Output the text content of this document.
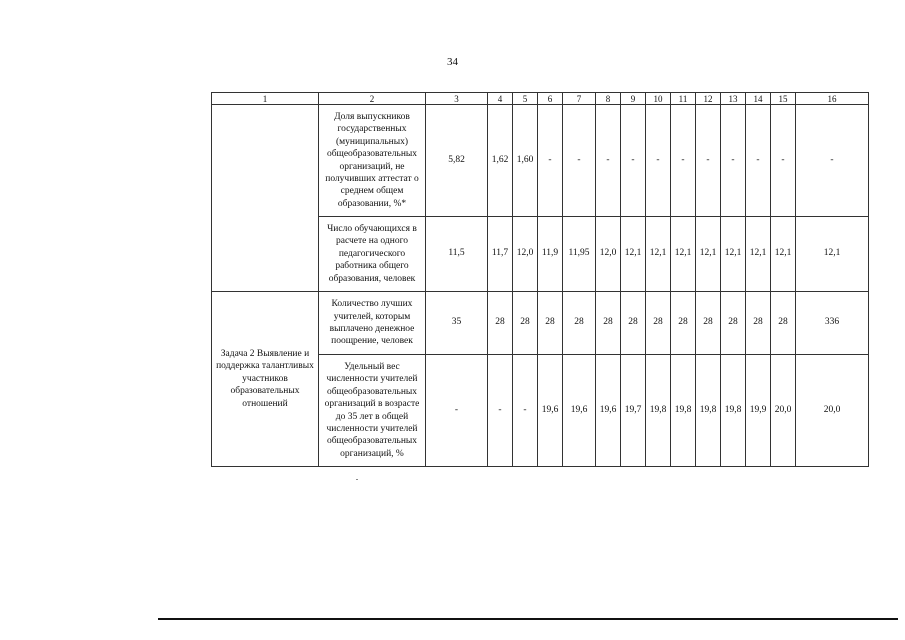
34
1	2	3	4	5	6	7	8	9	10	11	12	13	14	15	16
	Доля выпускников государственных (муниципальных) общеобразовательных организаций, не получивших аттестат о среднем общем образовании, %*	5,82	1,62	1,60	-	-	-	-	-	-	-	-	-	-	-
	Число обучающихся в расчете на одного педагогического работника общего образования, человек	11,5	11,7	12,0	11,9	11,95	12,0	12,1	12,1	12,1	12,1	12,1	12,1	12,1	12,1
Задача 2 Выявление и поддержка талантливых участников образовательных отношений	Количество лучших учителей, которым выплачено денежное поощрение, человек	35	28	28	28	28	28	28	28	28	28	28	28	28	336
	Удельный вес численности учителей общеобразовательных организаций в возрасте до 35 лет в общей численности учителей общеобразовательных организаций, %	-	-	-	19,6	19,6	19,6	19,7	19,8	19,8	19,8	19,8	19,9	20,0	20,0
